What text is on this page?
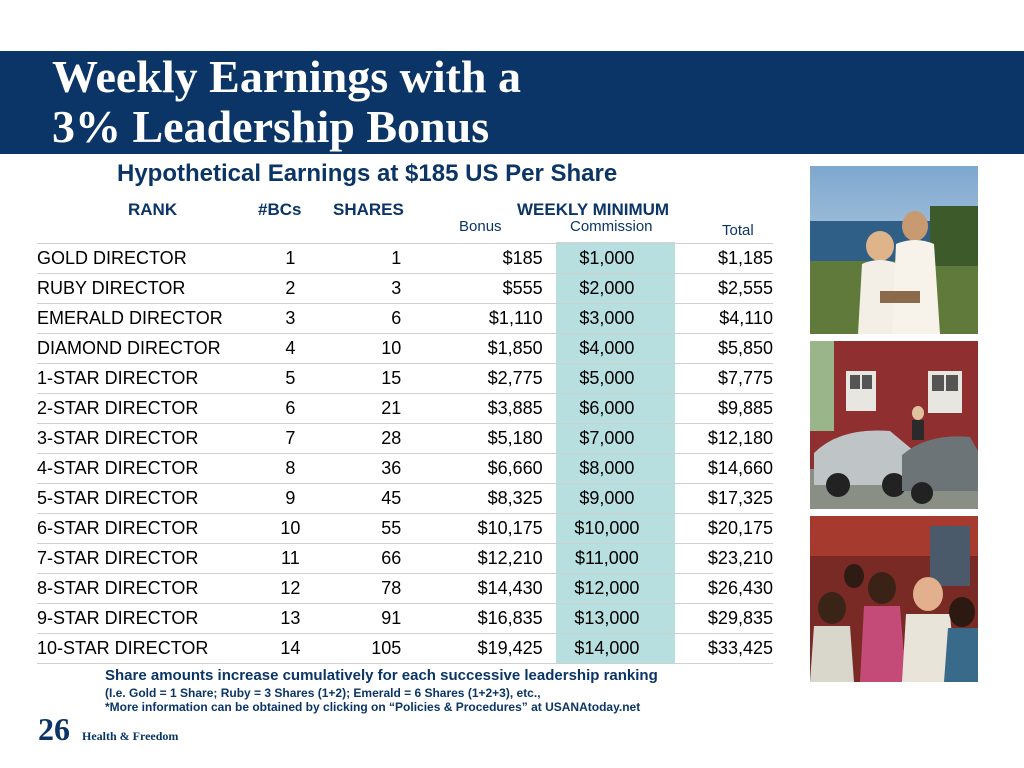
Weekly Earnings with a
3% Leadership Bonus
Hypothetical Earnings at $185 US Per Share
RANK	#BCs SHARES	WEEKLY MINIMUM
Bonus	Commission	Total
GOLD DIRECTOR	1	1	$185	$1,000	$1,185
RUBY DIRECTOR	2	3	$555	$2,000	$2,555
EMERALD DIRECTOR	3	6	$1,110	$3,000	$4,110
DIAMOND DIRECTOR	4	10	$1,850	$4,000	$5,850
1-STAR DIRECTOR	5	15	$2,775	$5,000	$7,775
2-STAR DIRECTOR	6	21	$3,885	$6,000	$9,885
3-STAR DIRECTOR	7	28	$5,180	$7,000	$12,180
4-STAR DIRECTOR	8	36	$6,660	$8,000	$14,660
5-STAR DIRECTOR	9	45	$8,325	$9,000	$17,325
6-STAR DIRECTOR	10	55	$10,175	$10,000	$20,175
7-STAR DIRECTOR	11	66	$12,210	$11,000	$23,210
8-STAR DIRECTOR	12	78	$14,430	$12,000	$26,430
9-STAR DIRECTOR	13	91	$16,835	$13,000	$29,835
10-STAR DIRECTOR	14	105	$19,425	$14,000	$33,425
Share amounts increase cumulatively for each successive leadership ranking
(I.e. Gold = 1 Share; Ruby = 3 Shares (1+2); Emerald = 6 Shares (1+2+3), etc.,
*More information can be obtained by clicking on “Policies & Procedures” at USANAtoday.net
26 Health & Freedom
